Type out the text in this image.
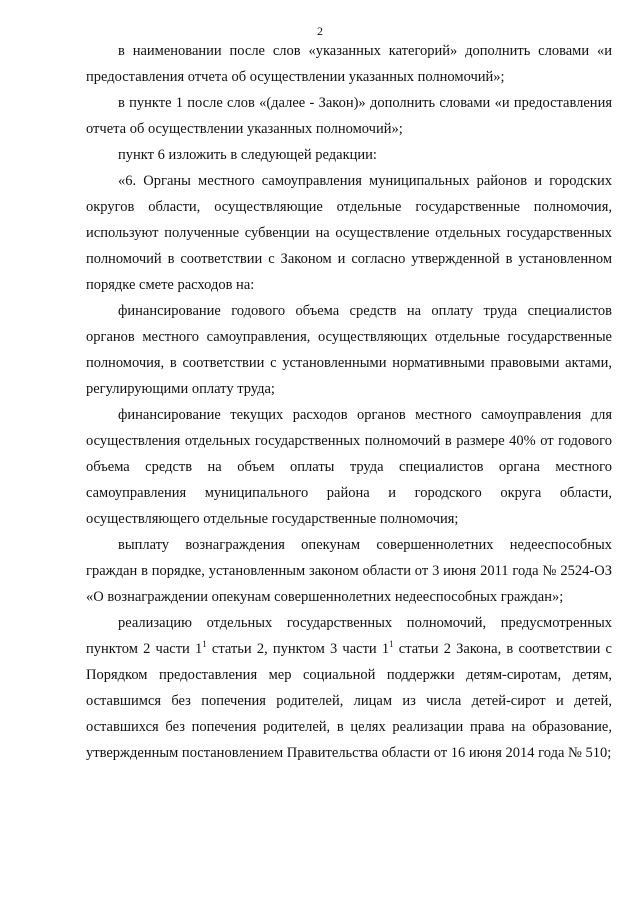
2

в наименовании после слов «указанных категорий» дополнить словами «и предоставления отчета об осуществлении указанных полномочий»;

в пункте 1 после слов «(далее - Закон)» дополнить словами «и предоставления отчета об осуществлении указанных полномочий»;

пункт 6 изложить в следующей редакции:

«6. Органы местного самоуправления муниципальных районов и городских округов области, осуществляющие отдельные государственные полномочия, используют полученные субвенции на осуществление отдельных государственных полномочий в соответствии с Законом и согласно утвержденной в установленном порядке смете расходов на:

финансирование годового объема средств на оплату труда специалистов органов местного самоуправления, осуществляющих отдельные государственные полномочия, в соответствии с установленными нормативными правовыми актами, регулирующими оплату труда;

финансирование текущих расходов органов местного самоуправления для осуществления отдельных государственных полномочий в размере 40% от годового объема средств на объем оплаты труда специалистов органа местного самоуправления муниципального района и городского округа области, осуществляющего отдельные государственные полномочия;

выплату вознаграждения опекунам совершеннолетних недееспособных граждан в порядке, установленным законом области от 3 июня 2011 года № 2524-ОЗ «О вознаграждении опекунам совершеннолетних недееспособных граждан»;

реализацию отдельных государственных полномочий, предусмотренных пунктом 2 части $1^1$ статьи 2, пунктом 3 части $1^1$ статьи 2 Закона, в соответствии с Порядком предоставления мер социальной поддержки детям-сиротам, детям, оставшимся без попечения родителей, лицам из числа детей-сирот и детей, оставшихся без попечения родителей, в целях реализации права на образование, утвержденным постановлением Правительства области от 16 июня 2014 года № 510;
